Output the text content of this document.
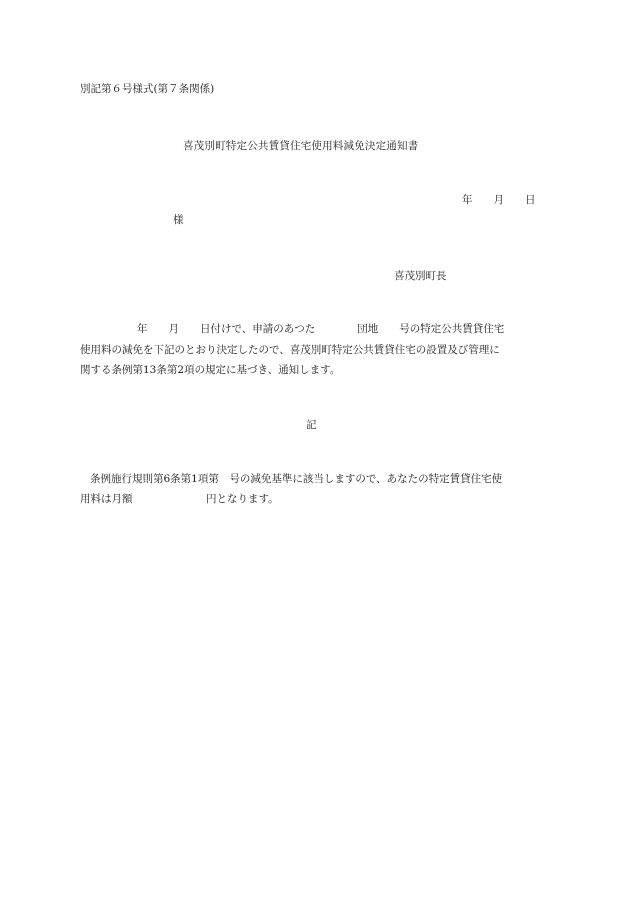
別記第６号様式(第７条関係)
喜茂別町特定公共賃貸住宅使用料減免決定通知書
年　　月　　日
様
喜茂別町長
年　　月　　日付けで、申請のあつた　　　　団地　　号の特定公共賃貸住宅
使用料の減免を下記のとおり決定したので、喜茂別町特定公共賃貸住宅の設置及び管理に
関する条例第13条第2項の規定に基づき、通知します。
記
条例施行規則第6条第1項第　号の減免基準に該当しますので、あなたの特定賃貸住宅使
用料は月額　　　　　　　円となります。
